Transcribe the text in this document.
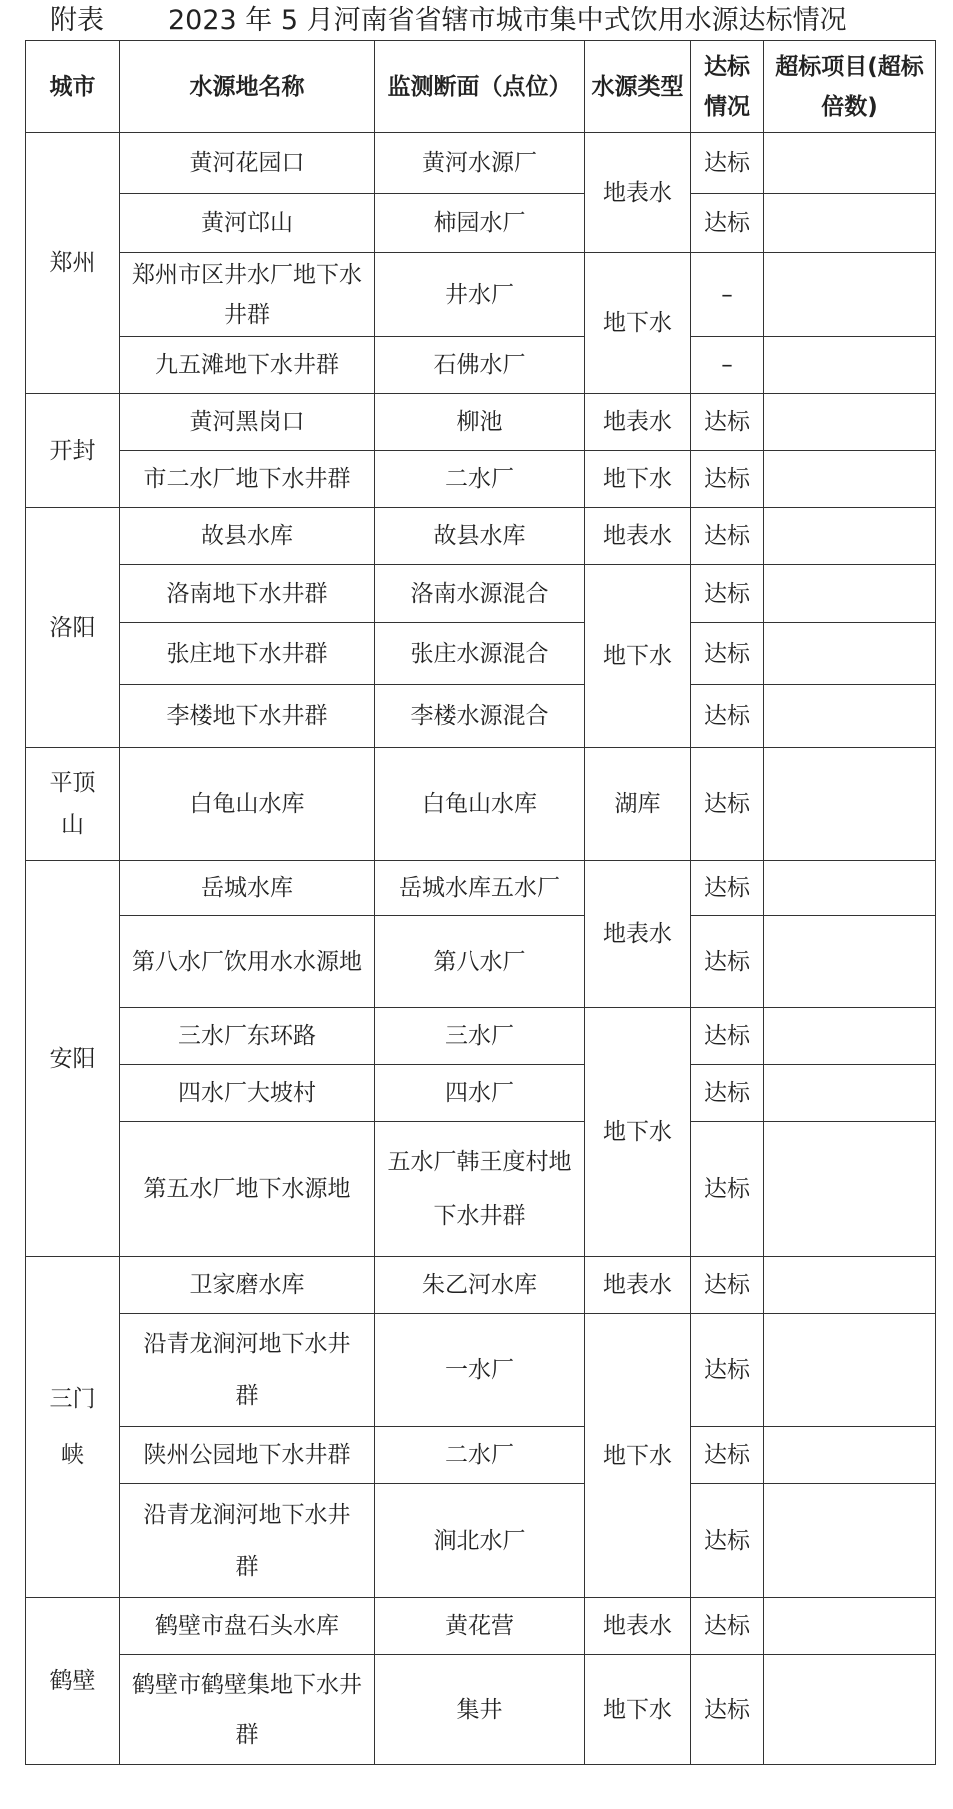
附表 2023 年 5 月河南省省辖市城市集中式饮用水源达标情况
城市	水源地名称	监测断面（点位）	水源类型	达标情况	超标项目(超标倍数)
郑州	黄河花园口	黄河水源厂	地表水	达标	
	黄河邙山	柿园水厂		达标	
	郑州市区井水厂地下水井群	井水厂	地下水	–	
	九五滩地下水井群	石佛水厂		–	
开封	黄河黑岗口	柳池	地表水	达标	
	市二水厂地下水井群	二水厂	地下水	达标	
洛阳	故县水库	故县水库	地表水	达标	
	洛南地下水井群	洛南水源混合	地下水	达标	
	张庄地下水井群	张庄水源混合		达标	
	李楼地下水井群	李楼水源混合		达标	
平顶山	白龟山水库	白龟山水库	湖库	达标	
安阳	岳城水库	岳城水库五水厂	地表水	达标	
	第八水厂饮用水水源地	第八水厂		达标	
	三水厂东环路	三水厂	地下水	达标	
	四水厂大坡村	四水厂		达标	
	第五水厂地下水源地	五水厂韩王度村地下水井群		达标	
三门峡	卫家磨水库	朱乙河水库	地表水	达标	
	沿青龙涧河地下水井群	一水厂	地下水	达标	
	陕州公园地下水井群	二水厂		达标	
	沿青龙涧河地下水井群	涧北水厂		达标	
鹤壁	鹤壁市盘石头水库	黄花营	地表水	达标	
	鹤壁市鹤壁集地下水井群	集井	地下水	达标	
